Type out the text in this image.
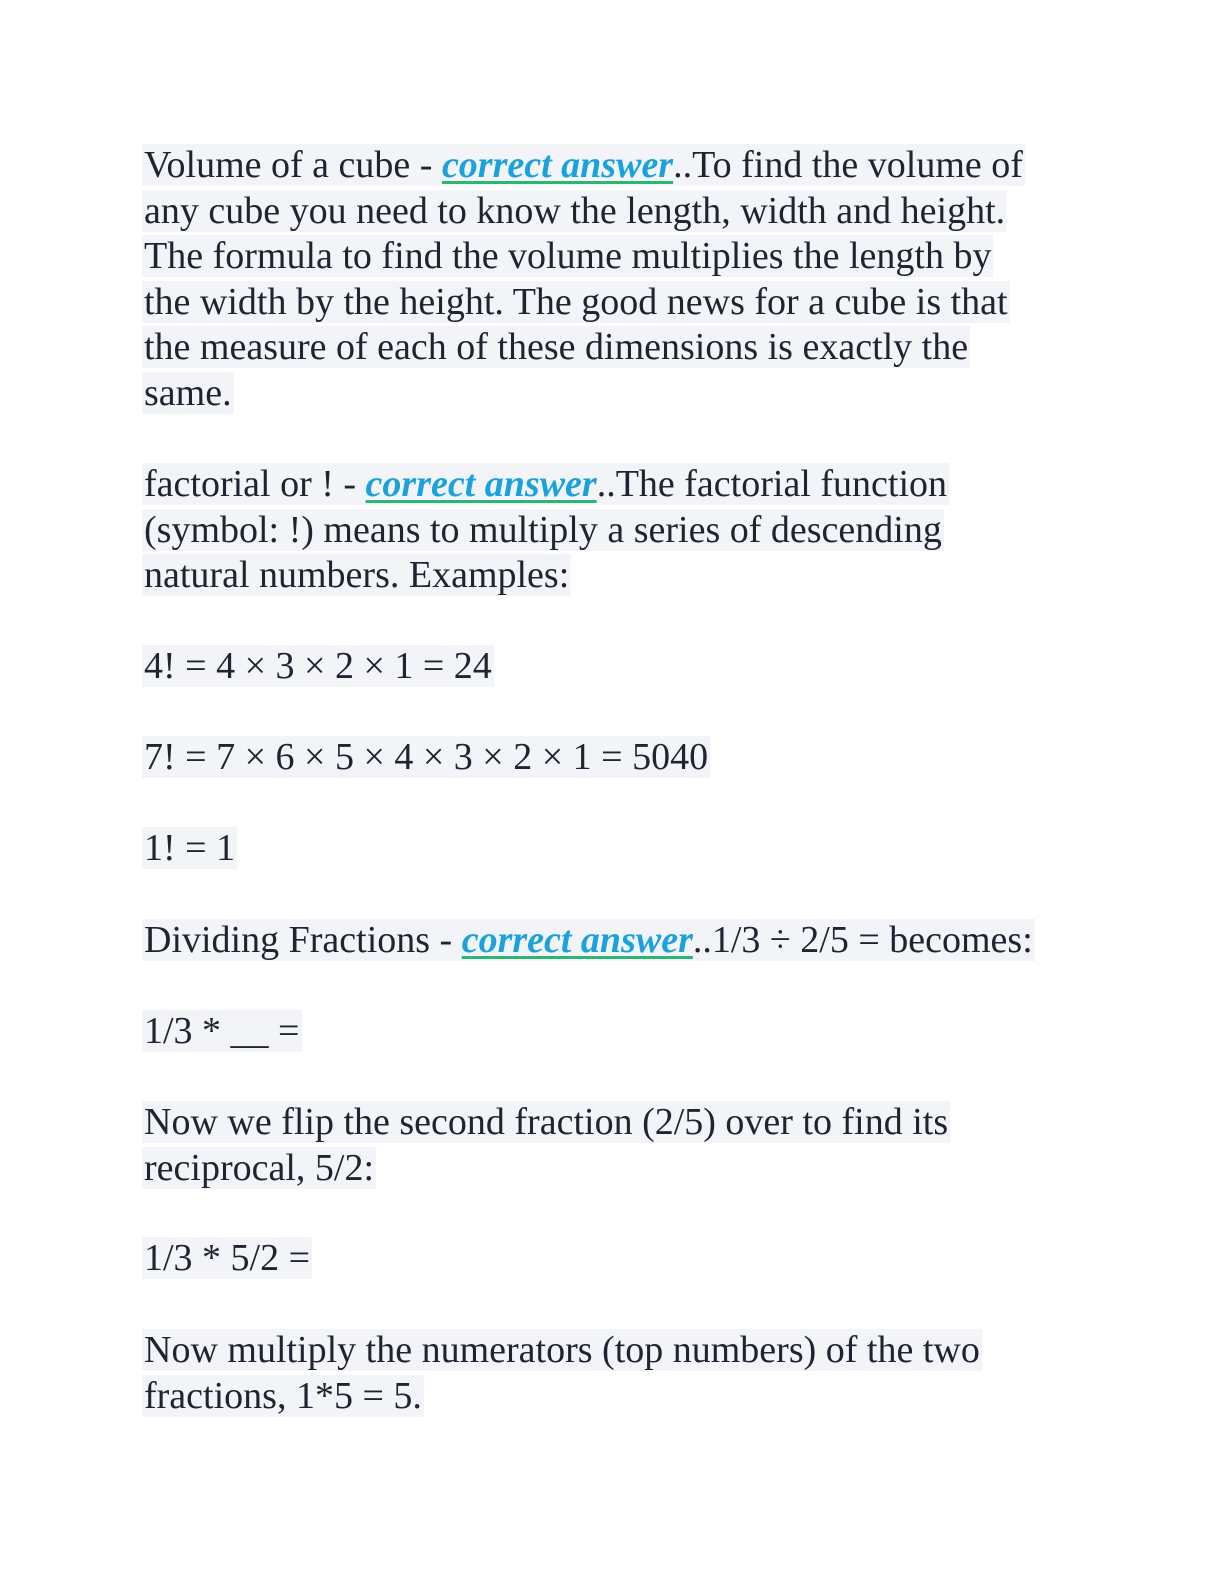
Volume of a cube - correct answer..To find the volume of
any cube you need to know the length, width and height.
The formula to find the volume multiplies the length by
the width by the height. The good news for a cube is that
the measure of each of these dimensions is exactly the
same.
factorial or ! - correct answer..The factorial function
(symbol: !) means to multiply a series of descending
natural numbers. Examples:
4! = 4 × 3 × 2 × 1 = 24
7! = 7 × 6 × 5 × 4 × 3 × 2 × 1 = 5040
1! = 1
Dividing Fractions - correct answer..1/3 ÷ 2/5 = becomes:
1/3 * __ =
Now we flip the second fraction (2/5) over to find its
reciprocal, 5/2:
1/3 * 5/2 =
Now multiply the numerators (top numbers) of the two
fractions, 1*5 = 5.
